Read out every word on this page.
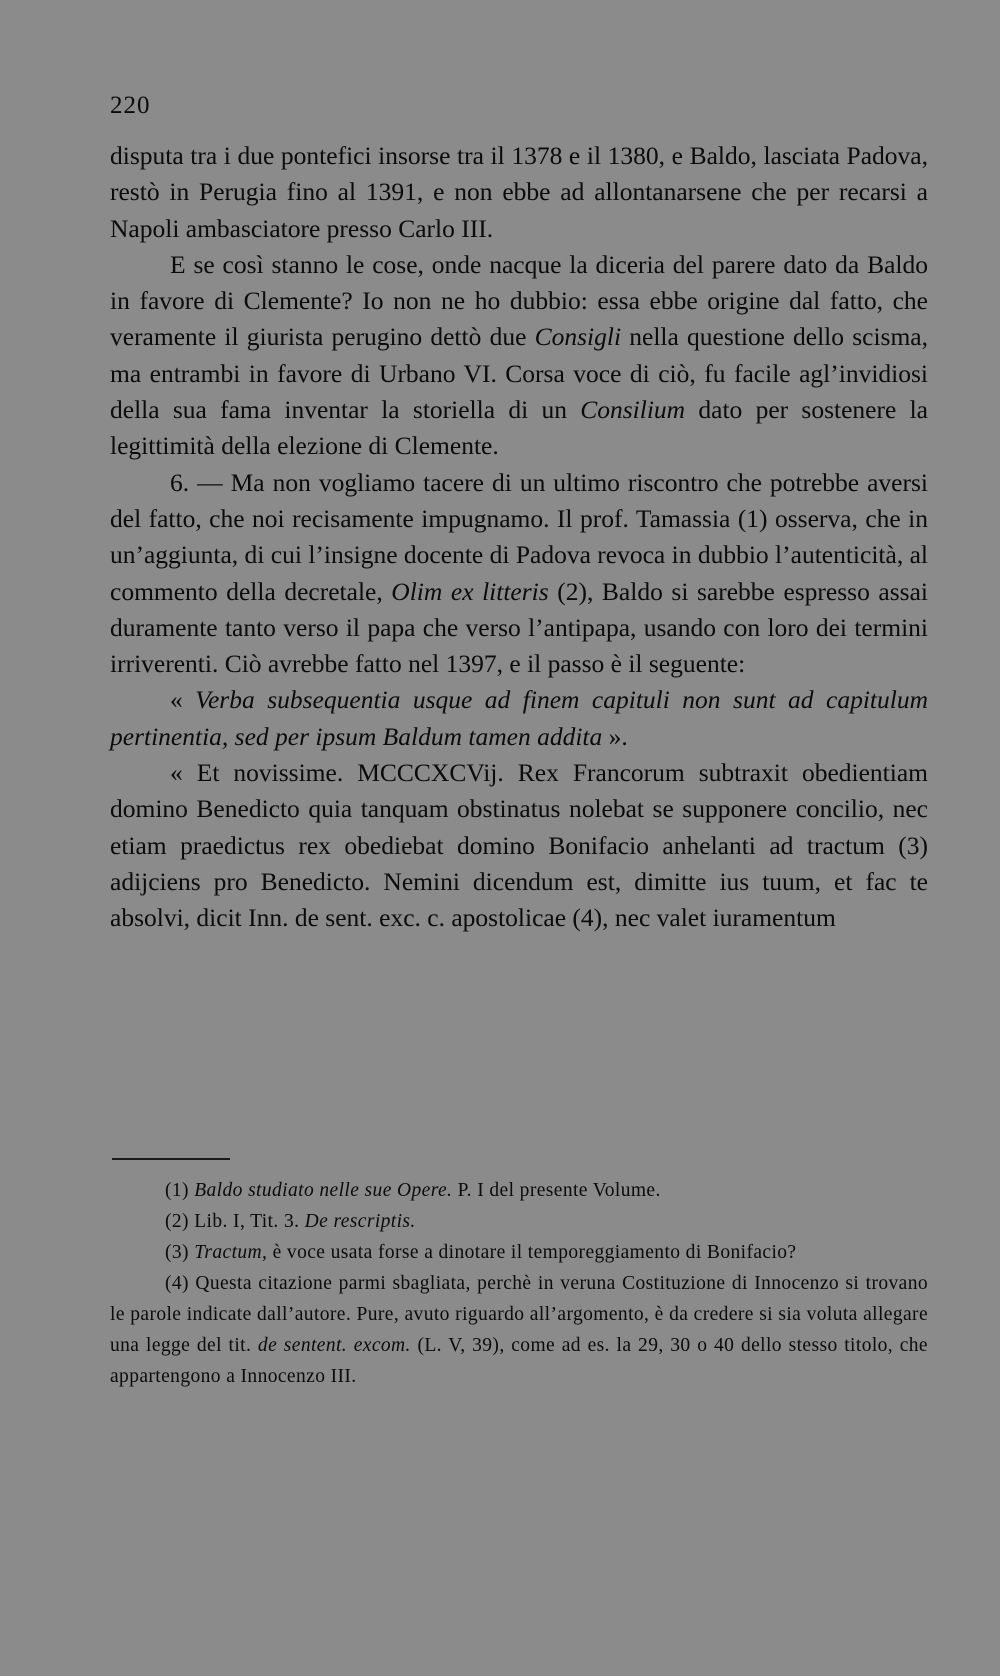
220

disputa tra i due pontefici insorse tra il 1378 e il 1380, e Baldo, lasciata Padova, restò in Perugia fino al 1391, e non ebbe ad allontanarsene che per recarsi a Napoli ambasciatore presso Carlo III.

E se così stanno le cose, onde nacque la diceria del parere dato da Baldo in favore di Clemente? Io non ne ho dubbio: essa ebbe origine dal fatto, che veramente il giurista perugino dettò due Consigli nella questione dello scisma, ma entrambi in favore di Urbano VI. Corsa voce di ciò, fu facile agl’invidiosi della sua fama inventar la storiella di un Consilium dato per sostenere la legittimità della elezione di Clemente.

6. — Ma non vogliamo tacere di un ultimo riscontro che potrebbe aversi del fatto, che noi recisamente impugnamo. Il prof. Tamassia (1) osserva, che in un’aggiunta, di cui l’insigne docente di Padova revoca in dubbio l’autenticità, al commento della decretale, Olim ex litteris (2), Baldo si sarebbe espresso assai duramente tanto verso il papa che verso l’antipapa, usando con loro dei termini irriverenti. Ciò avrebbe fatto nel 1397, e il passo è il seguente:

« Verba subsequentia usque ad finem capituli non sunt ad capitulum pertinentia, sed per ipsum Baldum tamen addita ».

« Et novissime. MCCCXCVij. Rex Francorum subtraxit obedientiam domino Benedicto quia tanquam obstinatus nolebat se supponere concilio, nec etiam praedictus rex obediebat domino Bonifacio anhelanti ad tractum (3) adijciens pro Benedicto. Nemini dicendum est, dimitte ius tuum, et fac te absolvi, dicit Inn. de sent. exc. c. apostolicae (4), nec valet iuramentum

(1) Baldo studiato nelle sue Opere. P. I del presente Volume.

(2) Lib. I, Tit. 3. De rescriptis.

(3) Tractum, è voce usata forse a dinotare il temporeggiamento di Bonifacio?

(4) Questa citazione parmi sbagliata, perchè in veruna Costituzione di Innocenzo si trovano le parole indicate dall’autore. Pure, avuto riguardo all’argomento, è da credere si sia voluta allegare una legge del tit. de sentent. excom. (L. V, 39), come ad es. la 29, 30 o 40 dello stesso titolo, che appartengono a Innocenzo III.
